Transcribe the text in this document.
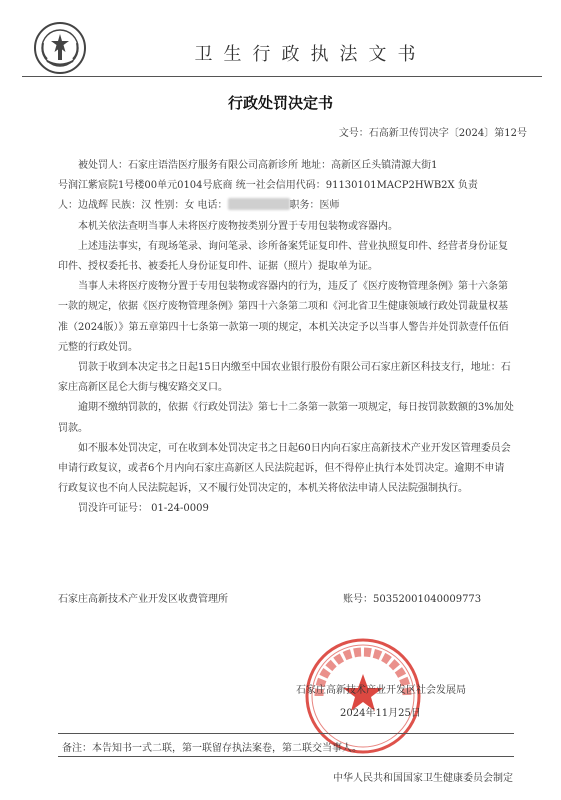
卫生行政执法文书
行政处罚决定书
文号：石高新卫传罚决字〔2024〕第12号

被处罚人：石家庄语浩医疗服务有限公司高新诊所 地址：高新区丘头镇清源大街1

号润江紫宸院1号楼00单元0104号底商 统一社会信用代码：91130101MACP2HWB2X 负责

人：边战辉 民族：汉 性别：女 电话：	职务：医师

本机关依法查明当事人未将医疗废物按类别分置于专用包装物或容器内。

上述违法事实，有现场笔录、询问笔录、诊所备案凭证复印件、营业执照复印件、经营者身份证复印件、授权委托书、被委托人身份证复印件、证据（照片）提取单为证。

当事人未将医疗废物分置于专用包装物或容器内的行为，违反了《医疗废物管理条例》第十六条第一款的规定，依据《医疗废物管理条例》第四十六条第二项和《河北省卫生健康领域行政处罚裁量权基准（2024版）》第五章第四十七条第一款第一项的规定，本机关决定予以当事人警告并处罚款壹仟伍佰元整的行政处罚。

罚款于收到本决定书之日起15日内缴至中国农业银行股份有限公司石家庄新区科技支行，地址：石家庄高新区昆仑大街与槐安路交叉口。

逾期不缴纳罚款的，依据《行政处罚法》第七十二条第一款第一项规定，每日按罚款数额的3%加处罚款。

如不服本处罚决定，可在收到本处罚决定书之日起60日内向石家庄高新技术产业开发区管理委员会申请行政复议，或者6个月内向石家庄高新区人民法院起诉，但不得停止执行本处罚决定。逾期不申请行政复议也不向人民法院起诉，又不履行处罚决定的，本机关将依法申请人民法院强制执行。

罚没许可证号： 01-24-0009

石家庄高新技术产业开发区收费管理所	账号：50352001040009773
石家庄高新技术产业开发区社会发展局
2024年11月25日
备注：本告知书一式二联，第一联留存执法案卷，第二联交当事人。
中华人民共和国国家卫生健康委员会制定
